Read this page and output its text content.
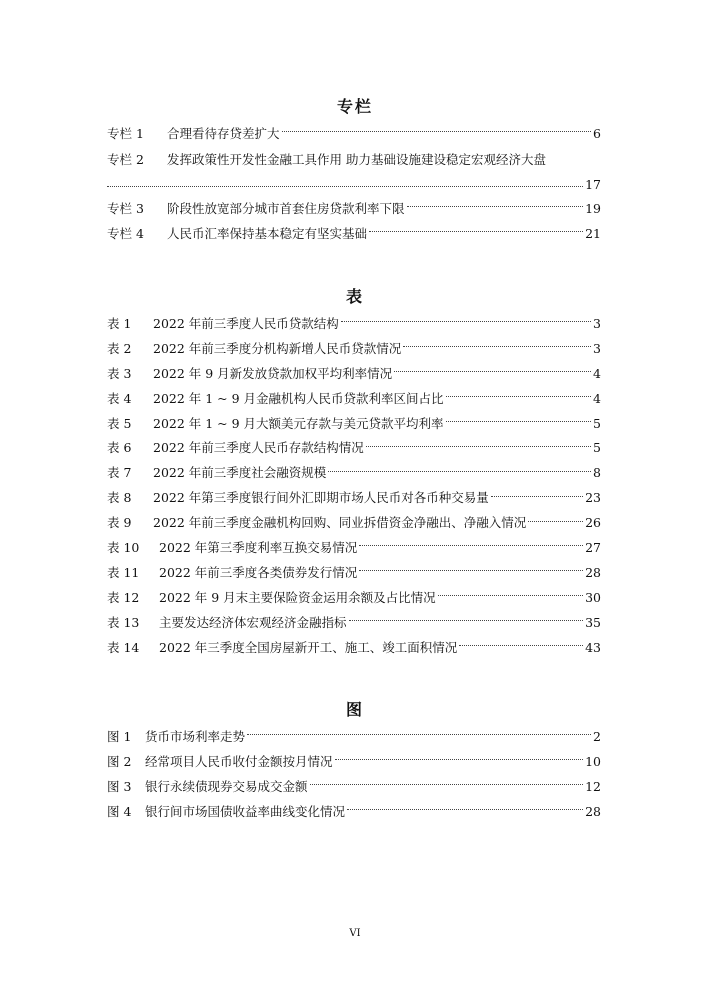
专栏
专栏 1	合理看待存贷差扩大	6
专栏 2	发挥政策性开发性金融工具作用 助力基础设施建设稳定宏观经济大盘
17
专栏 3	阶段性放宽部分城市首套住房贷款利率下限	19
专栏 4	人民币汇率保持基本稳定有坚实基础	21
表
表 1	2022 年前三季度人民币贷款结构	3
表 2	2022 年前三季度分机构新增人民币贷款情况	3
表 3	2022 年 9 月新发放贷款加权平均利率情况	4
表 4	2022 年 1 ~ 9 月金融机构人民币贷款利率区间占比	4
表 5	2022 年 1 ~ 9 月大额美元存款与美元贷款平均利率	5
表 6	2022 年前三季度人民币存款结构情况	5
表 7	2022 年前三季度社会融资规模	8
表 8	2022 年第三季度银行间外汇即期市场人民币对各币种交易量	23
表 9	2022 年前三季度金融机构回购、同业拆借资金净融出、净融入情况	26
表 10	2022 年第三季度利率互换交易情况	27
表 11	2022 年前三季度各类债券发行情况	28
表 12	2022 年 9 月末主要保险资金运用余额及占比情况	30
表 13	主要发达经济体宏观经济金融指标	35
表 14	2022 年三季度全国房屋新开工、施工、竣工面积情况	43
图
图 1	货币市场利率走势	2
图 2	经常项目人民币收付金额按月情况	10
图 3	银行永续债现券交易成交金额	12
图 4	银行间市场国债收益率曲线变化情况	28
VI
